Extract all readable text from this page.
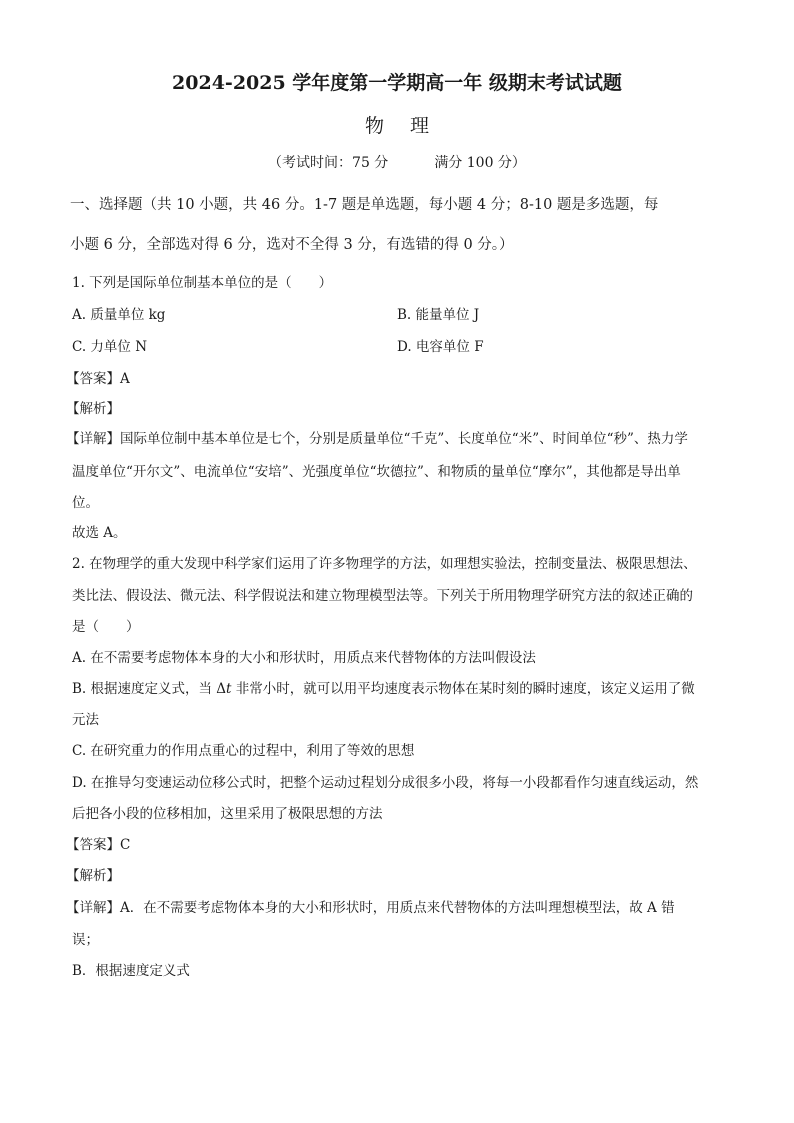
2024-2025 学年度第一学期高一年 级期末考试试题
物理
（考试时间：75 分	满分 100 分）
一、选择题（共 10 小题，共 46 分。1-7 题是单选题，每小题 4 分；8-10 题是多选题，每
小题 6 分，全部选对得 6 分，选对不全得 3 分，有选错的得 0 分。）
1. 下列是国际单位制基本单位的是（　　）
A. 质量单位 kg	B. 能量单位 J
C. 力单位 N	D. 电容单位 F
【答案】A
【解析】
【详解】国际单位制中基本单位是七个，分别是质量单位“千克”、长度单位“米”、时间单位“秒”、热力学
温度单位“开尔文”、电流单位“安培”、光强度单位“坎德拉”、和物质的量单位“摩尔”，其他都是导出单
位。
故选 A。
2. 在物理学的重大发现中科学家们运用了许多物理学的方法，如理想实验法，控制变量法、极限思想法、
类比法、假设法、微元法、科学假说法和建立物理模型法等。下列关于所用物理学研究方法的叙述正确的
是（　　）
A. 在不需要考虑物体本身的大小和形状时，用质点来代替物体的方法叫假设法
B. 根据速度定义式，当 Δt 非常小时，就可以用平均速度表示物体在某时刻的瞬时速度，该定义运用了微
元法
C. 在研究重力的作用点重心的过程中，利用了等效的思想
D. 在推导匀变速运动位移公式时，把整个运动过程划分成很多小段，将每一小段都看作匀速直线运动，然
后把各小段的位移相加，这里采用了极限思想的方法
【答案】C
【解析】
【详解】A．在不需要考虑物体本身的大小和形状时，用质点来代替物体的方法叫理想模型法，故 A 错
误；
B．根据速度定义式
